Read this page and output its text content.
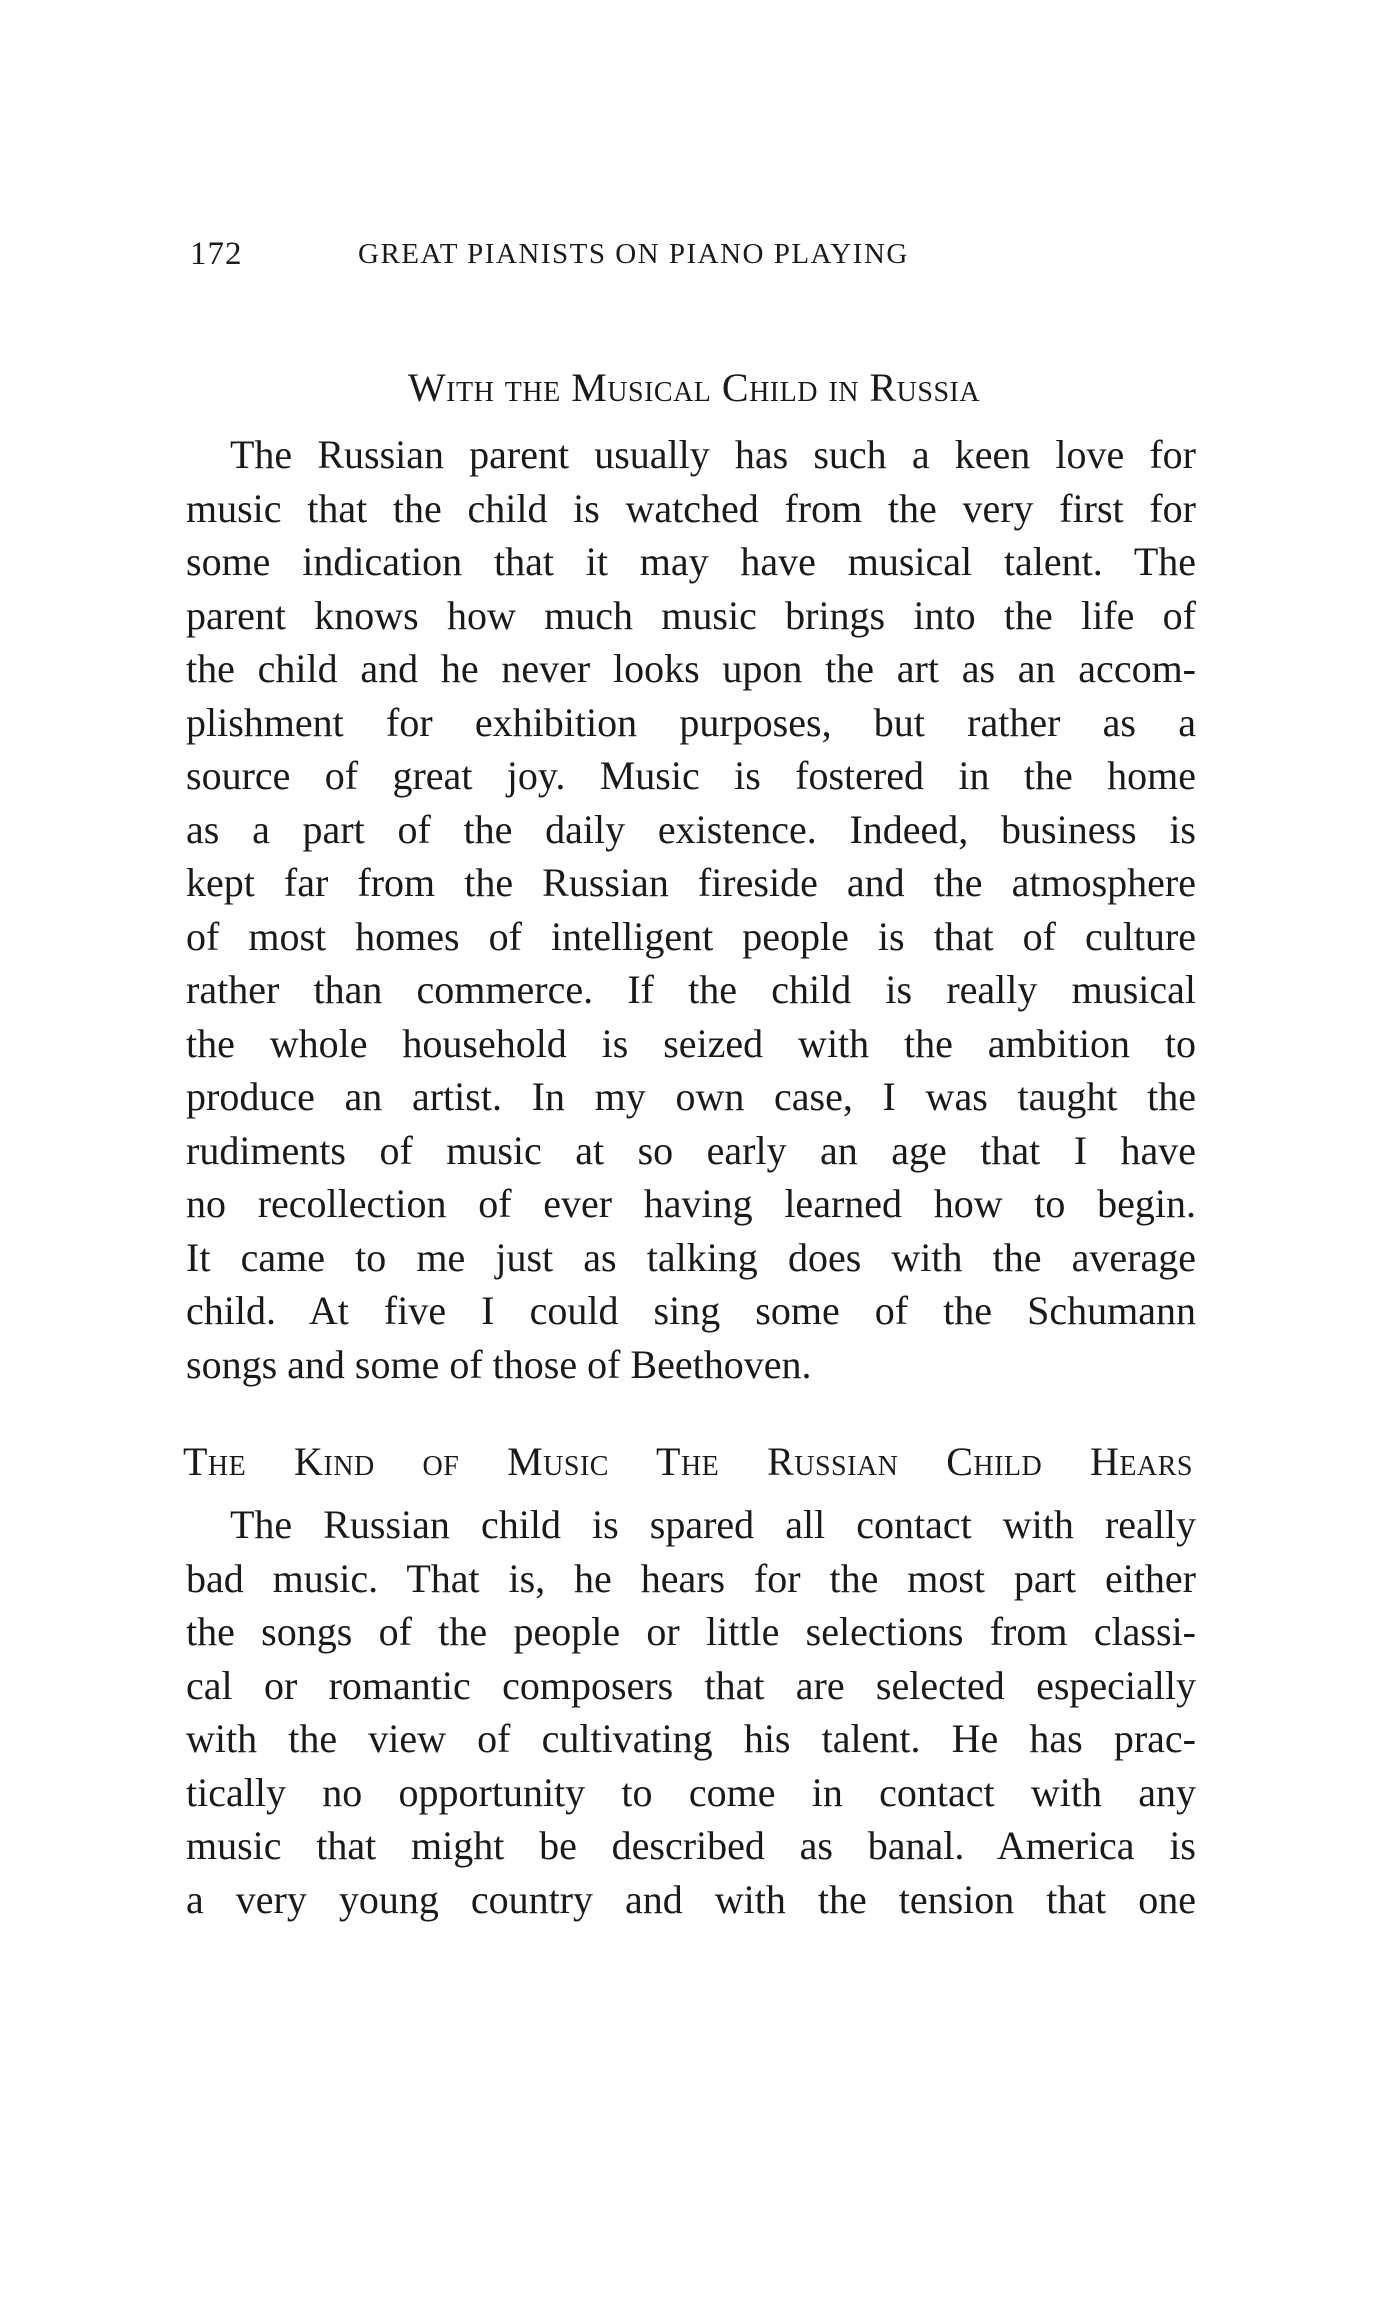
172	GREAT PIANISTS ON PIANO PLAYING
With the Musical Child in Russia
The Russian parent usually has such a keen love for
music that the child is watched from the very first for
some indication that it may have musical talent. The
parent knows how much music brings into the life of
the child and he never looks upon the art as an accom-
plishment for exhibition purposes, but rather as a
source of great joy. Music is fostered in the home
as a part of the daily existence. Indeed, business is
kept far from the Russian fireside and the atmosphere
of most homes of intelligent people is that of culture
rather than commerce. If the child is really musical
the whole household is seized with the ambition to
produce an artist. In my own case, I was taught the
rudiments of music at so early an age that I have
no recollection of ever having learned how to begin.
It came to me just as talking does with the average
child. At five I could sing some of the Schumann
songs and some of those of Beethoven.
The Kind of Music The Russian Child Hears
The Russian child is spared all contact with really
bad music. That is, he hears for the most part either
the songs of the people or little selections from classi-
cal or romantic composers that are selected especially
with the view of cultivating his talent. He has prac-
tically no opportunity to come in contact with any
music that might be described as banal. America is
a very young country and with the tension that one
